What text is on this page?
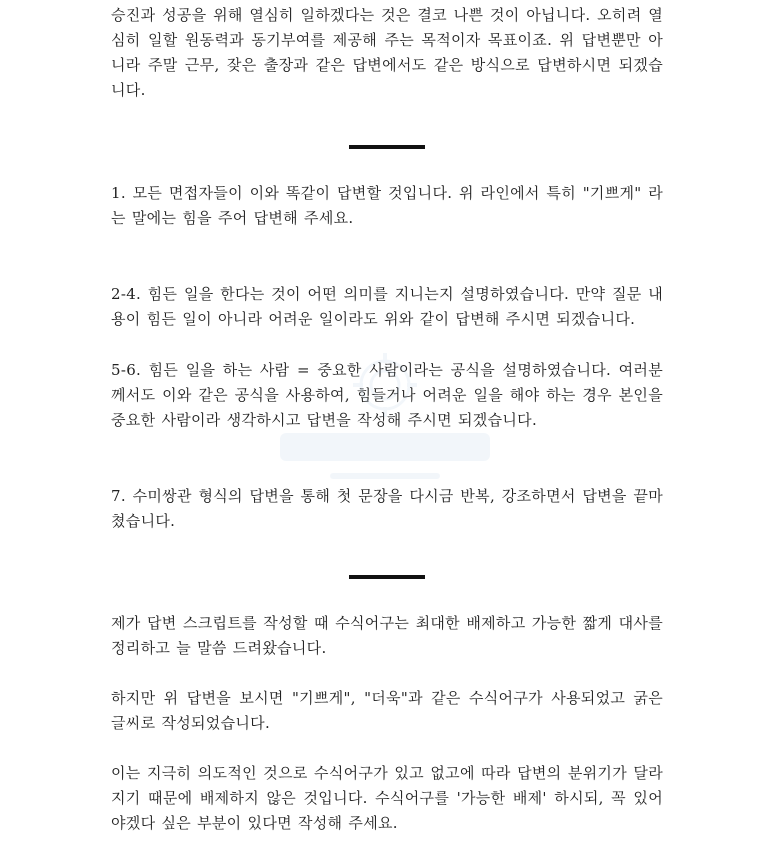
승진과 성공을 위해 열심히 일하겠다는 것은 결코 나쁜 것이 아닙니다. 오히려 열심히 일할 원동력과 동기부여를 제공해 주는 목적이자 목표이죠. 위 답변뿐만 아니라 주말 근무, 잦은 출장과 같은 답변에서도 같은 방식으로 답변하시면 되겠습니다.

1. 모든 면접자들이 이와 똑같이 답변할 것입니다. 위 라인에서 특히 "기쁘게" 라는 말에는 힘을 주어 답변해 주세요.

2-4. 힘든 일을 한다는 것이 어떤 의미를 지니는지 설명하였습니다. 만약 질문 내용이 힘든 일이 아니라 어려운 일이라도 위와 같이 답변해 주시면 되겠습니다.

5-6. 힘든 일을 하는 사람 = 중요한 사람이라는 공식을 설명하였습니다. 여러분께서도 이와 같은 공식을 사용하여, 힘들거나 어려운 일을 해야 하는 경우 본인을 중요한 사람이라 생각하시고 답변을 작성해 주시면 되겠습니다.

7. 수미쌍관 형식의 답변을 통해 첫 문장을 다시금 반복, 강조하면서 답변을 끝마쳤습니다.

제가 답변 스크립트를 작성할 때 수식어구는 최대한 배제하고 가능한 짧게 대사를 정리하고 늘 말씀 드려왔습니다.

하지만 위 답변을 보시면 "기쁘게", "더욱"과 같은 수식어구가 사용되었고 굵은 글씨로 작성되었습니다.

이는 지극히 의도적인 것으로 수식어구가 있고 없고에 따라 답변의 분위기가 달라지기 때문에 배제하지 않은 것입니다. 수식어구를 '가능한 배제' 하시되, 꼭 있어야겠다 싶은 부분이 있다면 작성해 주세요.
